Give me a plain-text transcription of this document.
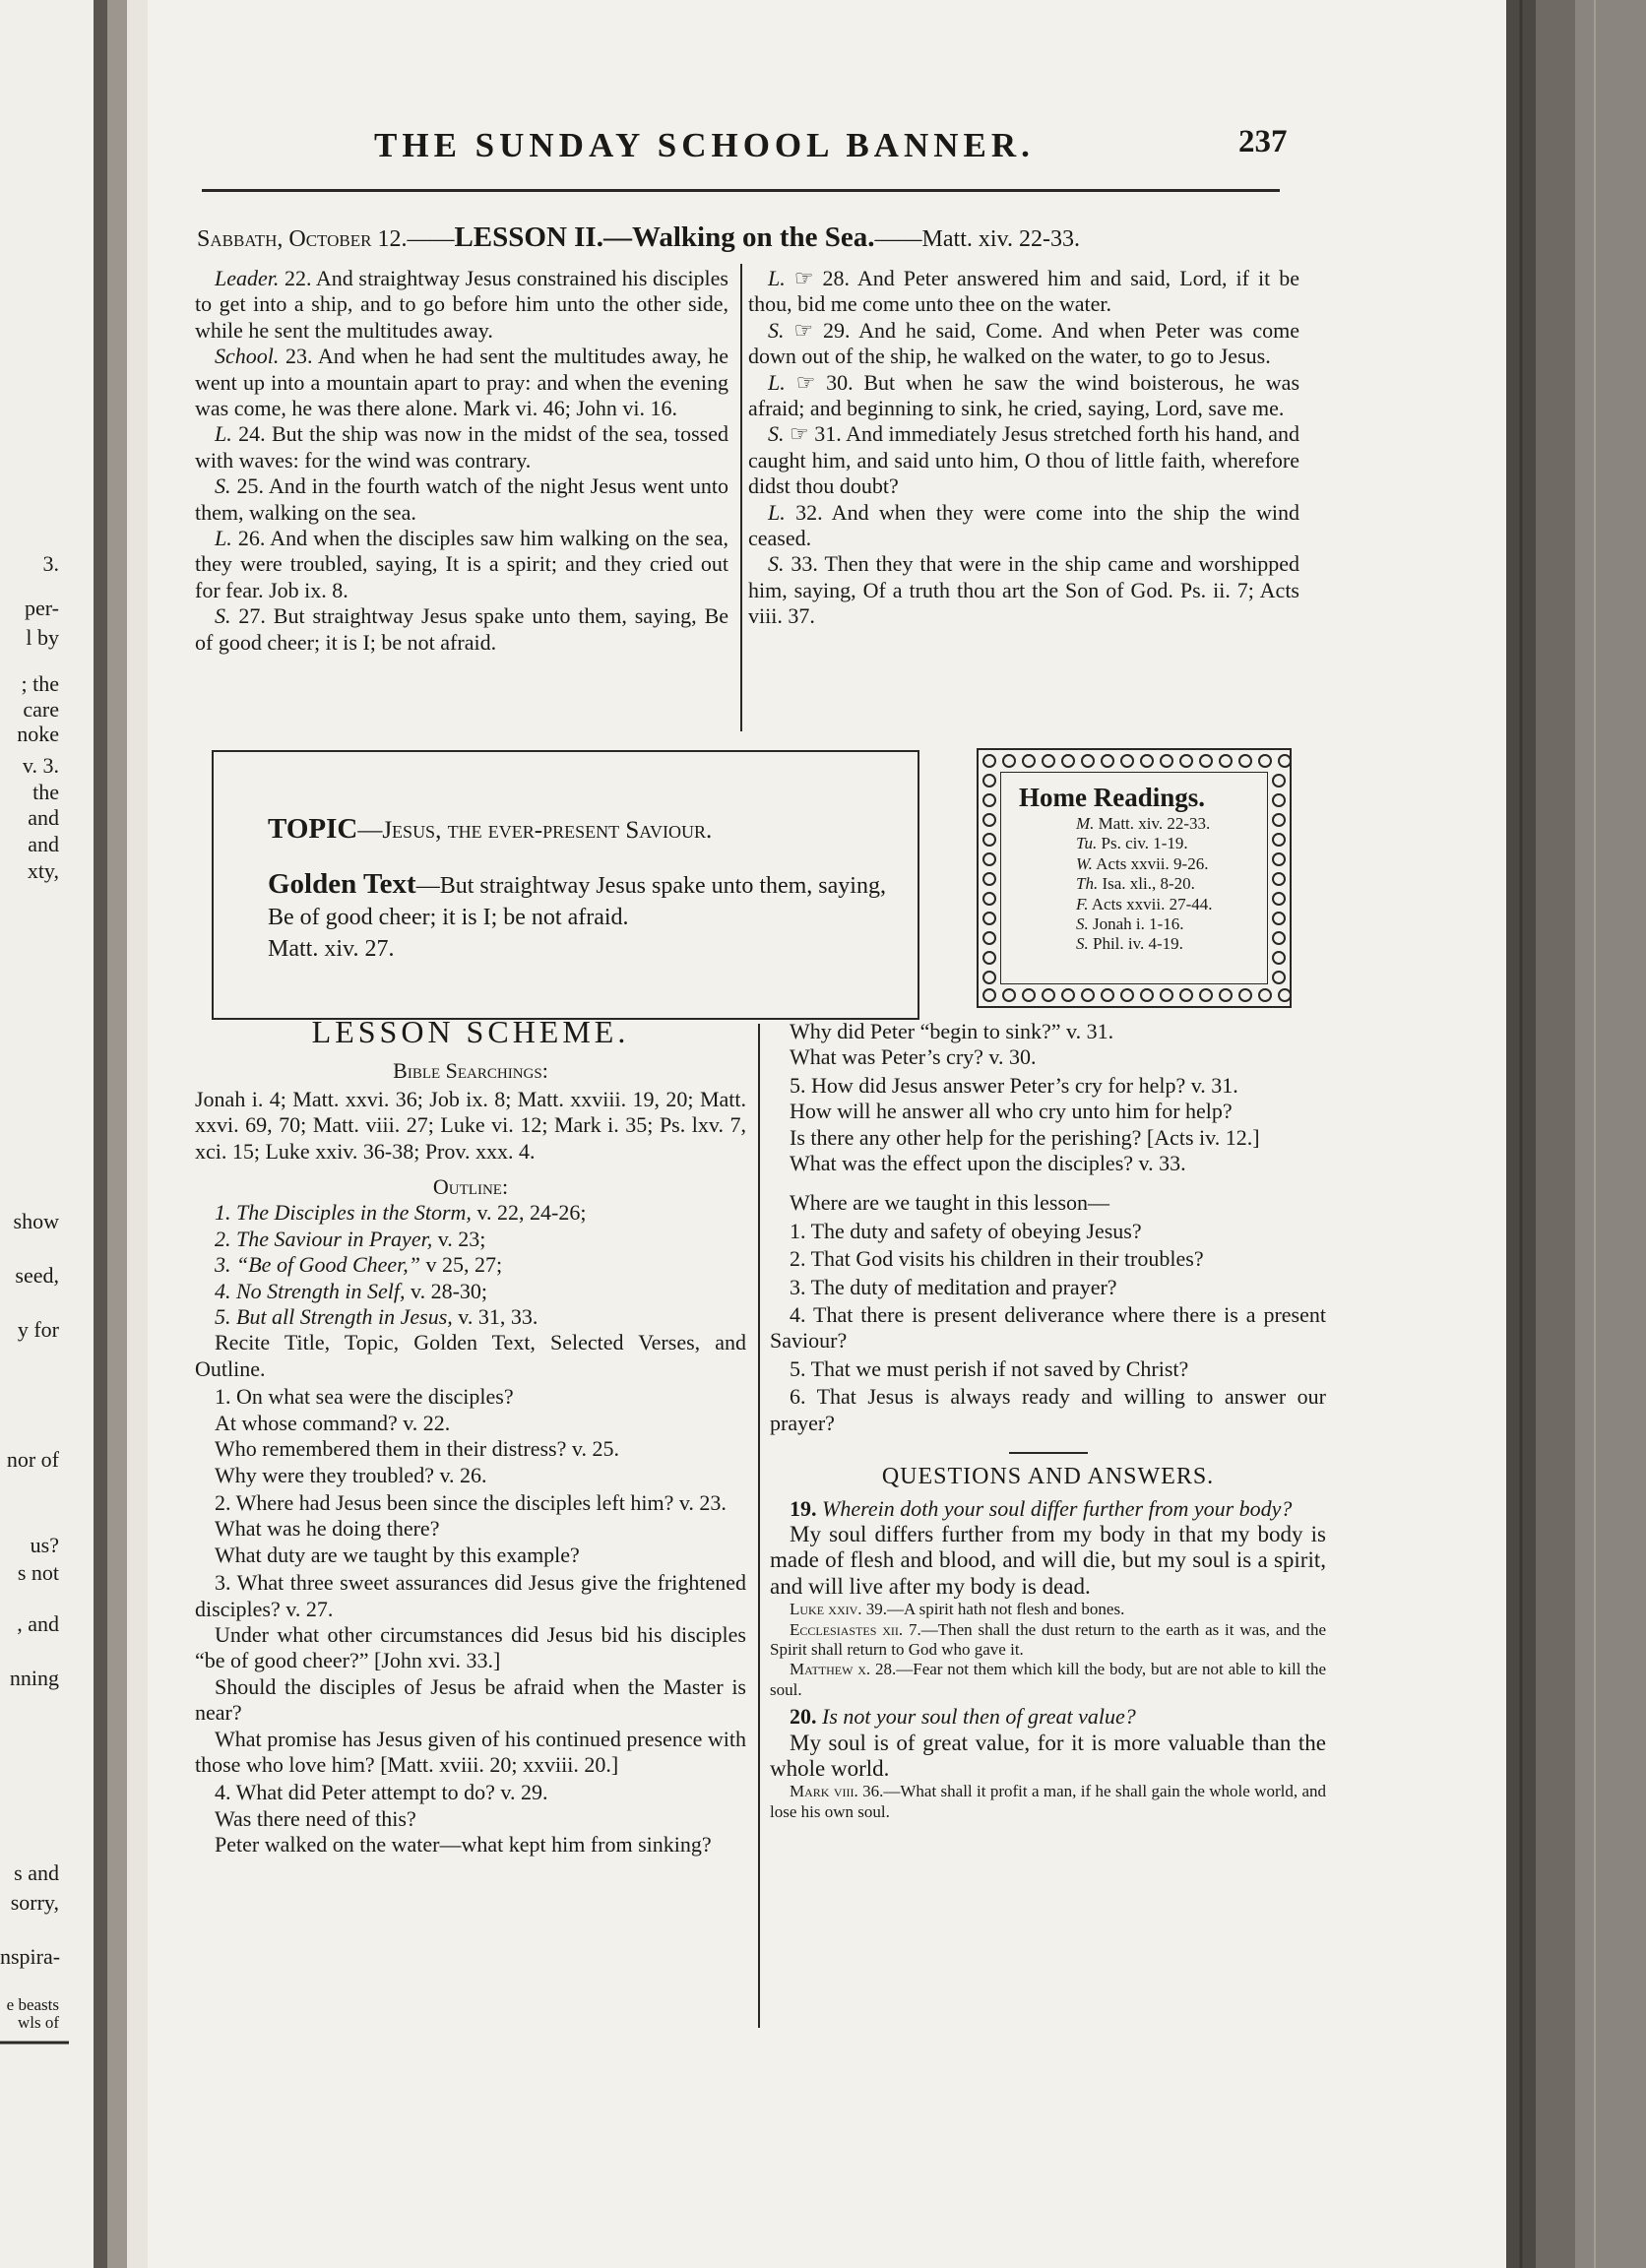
3.
per-
l by
; the
care
noke
v. 3.
the
and
and
xty,
show
seed,
y for
nor of
us?
s not
, and
nning
s and
sorry,
nspira-
e beasts
wls of
THE SUNDAY SCHOOL BANNER.	237
Sabbath, October 12.——LESSON II.—Walking on the Sea.——Matt. xiv. 22-33.

Leader. 22. And straightway Jesus constrained his disciples to get into a ship, and to go before him unto the other side, while he sent the multitudes away.

School. 23. And when he had sent the multitudes away, he went up into a mountain apart to pray: and when the evening was come, he was there alone. Mark vi. 46; John vi. 16.

L. 24. But the ship was now in the midst of the sea, tossed with waves: for the wind was contrary.

S. 25. And in the fourth watch of the night Jesus went unto them, walking on the sea.

L. 26. And when the disciples saw him walking on the sea, they were troubled, saying, It is a spirit; and they cried out for fear. Job ix. 8.

S. 27. But straightway Jesus spake unto them, saying, Be of good cheer; it is I; be not afraid.

L. ☞ 28. And Peter answered him and said, Lord, if it be thou, bid me come unto thee on the water.

S. ☞ 29. And he said, Come. And when Peter was come down out of the ship, he walked on the water, to go to Jesus.

L. ☞ 30. But when he saw the wind boisterous, he was afraid; and beginning to sink, he cried, saying, Lord, save me.

S. ☞ 31. And immediately Jesus stretched forth his hand, and caught him, and said unto him, O thou of little faith, wherefore didst thou doubt?

L. 32. And when they were come into the ship the wind ceased.

S. 33. Then they that were in the ship came and worshipped him, saying, Of a truth thou art the Son of God. Ps. ii. 7; Acts viii. 37.

TOPIC—Jesus, the ever-present Saviour.
Golden Text—But straightway Jesus spake unto them, saying, Be of good cheer; it is I; be not afraid.
Matt. xiv. 27.
Home Readings.
M. Matt. xiv. 22-33.
Tu. Ps. civ. 1-19.
W. Acts xxvii. 9-26.
Th. Isa. xli., 8-20.
F. Acts xxvii. 27-44.
S. Jonah i. 1-16.
S. Phil. iv. 4-19.
LESSON SCHEME.
Bible Searchings:

Jonah i. 4; Matt. xxvi. 36; Job ix. 8; Matt. xxviii. 19, 20; Matt. xxvi. 69, 70; Matt. viii. 27; Luke vi. 12; Mark i. 35; Ps. lxv. 7, xci. 15; Luke xxiv. 36-38; Prov. xxx. 4.

Outline:

1. The Disciples in the Storm, v. 22, 24-26;

2. The Saviour in Prayer, v. 23;

3. “Be of Good Cheer,” v 25, 27;

4. No Strength in Self, v. 28-30;

5. But all Strength in Jesus, v. 31, 33.

Recite Title, Topic, Golden Text, Selected Verses, and Outline.

1. On what sea were the disciples?

At whose command? v. 22.

Who remembered them in their distress? v. 25.

Why were they troubled? v. 26.

2. Where had Jesus been since the disciples left him? v. 23.

What was he doing there?

What duty are we taught by this example?

3. What three sweet assurances did Jesus give the frightened disciples? v. 27.

Under what other circumstances did Jesus bid his disciples “be of good cheer?” [John xvi. 33.]

Should the disciples of Jesus be afraid when the Master is near?

What promise has Jesus given of his continued presence with those who love him? [Matt. xviii. 20; xxviii. 20.]

4. What did Peter attempt to do? v. 29.

Was there need of this?

Peter walked on the water—what kept him from sinking?

Why did Peter “begin to sink?” v. 31.

What was Peter’s cry? v. 30.

5. How did Jesus answer Peter’s cry for help? v. 31.

How will he answer all who cry unto him for help?

Is there any other help for the perishing? [Acts iv. 12.]

What was the effect upon the disciples? v. 33.

Where are we taught in this lesson—

1. The duty and safety of obeying Jesus?

2. That God visits his children in their troubles?

3. The duty of meditation and prayer?

4. That there is present deliverance where there is a present Saviour?

5. That we must perish if not saved by Christ?

6. That Jesus is always ready and willing to answer our prayer?

QUESTIONS AND ANSWERS.

19. Wherein doth your soul differ further from your body?

My soul differs further from my body in that my body is made of flesh and blood, and will die, but my soul is a spirit, and will live after my body is dead.

Luke xxiv. 39.—A spirit hath not flesh and bones.

Ecclesiastes xii. 7.—Then shall the dust return to the earth as it was, and the Spirit shall return to God who gave it.

Matthew x. 28.—Fear not them which kill the body, but are not able to kill the soul.

20. Is not your soul then of great value?

My soul is of great value, for it is more valuable than the whole world.

Mark viii. 36.—What shall it profit a man, if he shall gain the whole world, and lose his own soul.
